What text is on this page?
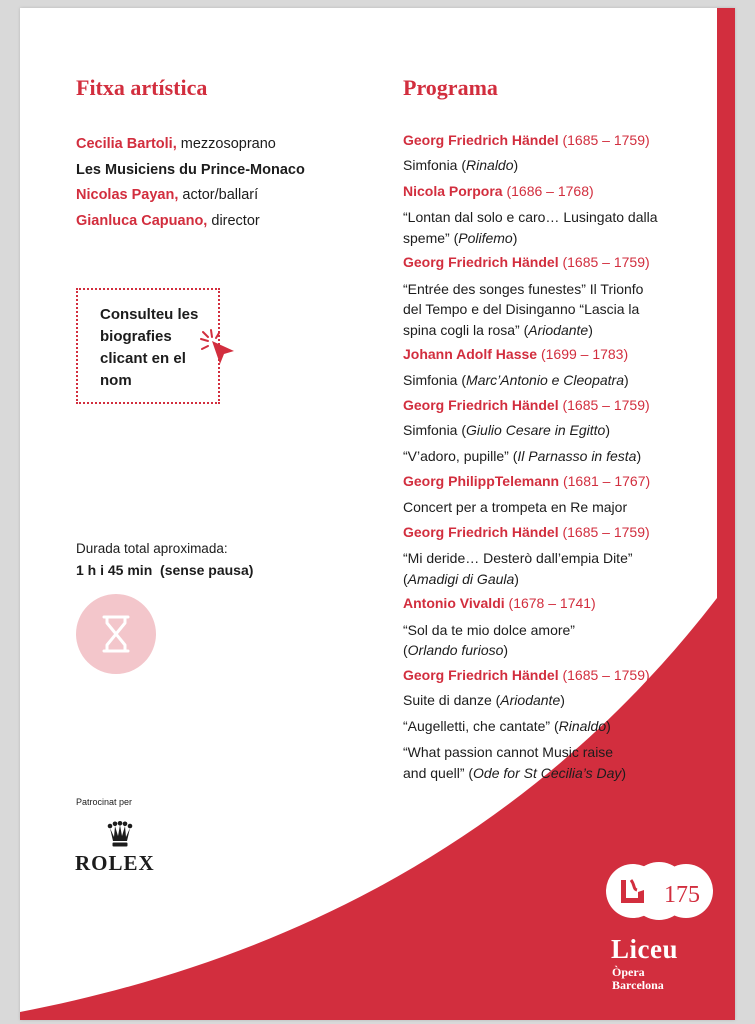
Fitxa artística	Programa
Cecilia Bartoli, mezzosoprano
Les Musiciens du Prince-Monaco
Nicolas Payan, actor/ballarí
Gianluca Capuano, director
Consulteu les biografies clicant en el nom
Durada total aproximada:
1 h i 45 min  (sense pausa)
Patrocinat per
ROLEX
Georg Friedrich Händel (1685 – 1759)
Simfonia (Rinaldo)
Nicola Porpora (1686 – 1768)
“Lontan dal solo e caro… Lusingato dalla
speme” (Polifemo)
Georg Friedrich Händel (1685 – 1759)
“Entrée des songes funestes” Il Trionfo
del Tempo e del Disinganno “Lascia la
spina cogli la rosa” (Ariodante)
Johann Adolf Hasse (1699 – 1783)
Simfonia (Marc’Antonio e Cleopatra)
Georg Friedrich Händel (1685 – 1759)
Simfonia (Giulio Cesare in Egitto)
“V’adoro, pupille” (Il Parnasso in festa)
Georg PhilippTelemann (1681 – 1767)
Concert per a trompeta en Re major
Georg Friedrich Händel (1685 – 1759)
“Mi deride… Desterò dall’empia Dite”
(Amadigi di Gaula)
Antonio Vivaldi (1678 – 1741)
“Sol da te mio dolce amore”
(Orlando furioso)
Georg Friedrich Händel (1685 – 1759)
Suite di danze (Ariodante)
“Augelletti, che cantate” (Rinaldo)
“What passion cannot Music raise
and quell” (Ode for St Cecilia’s Day)
175
Liceu
Òpera
Barcelona
